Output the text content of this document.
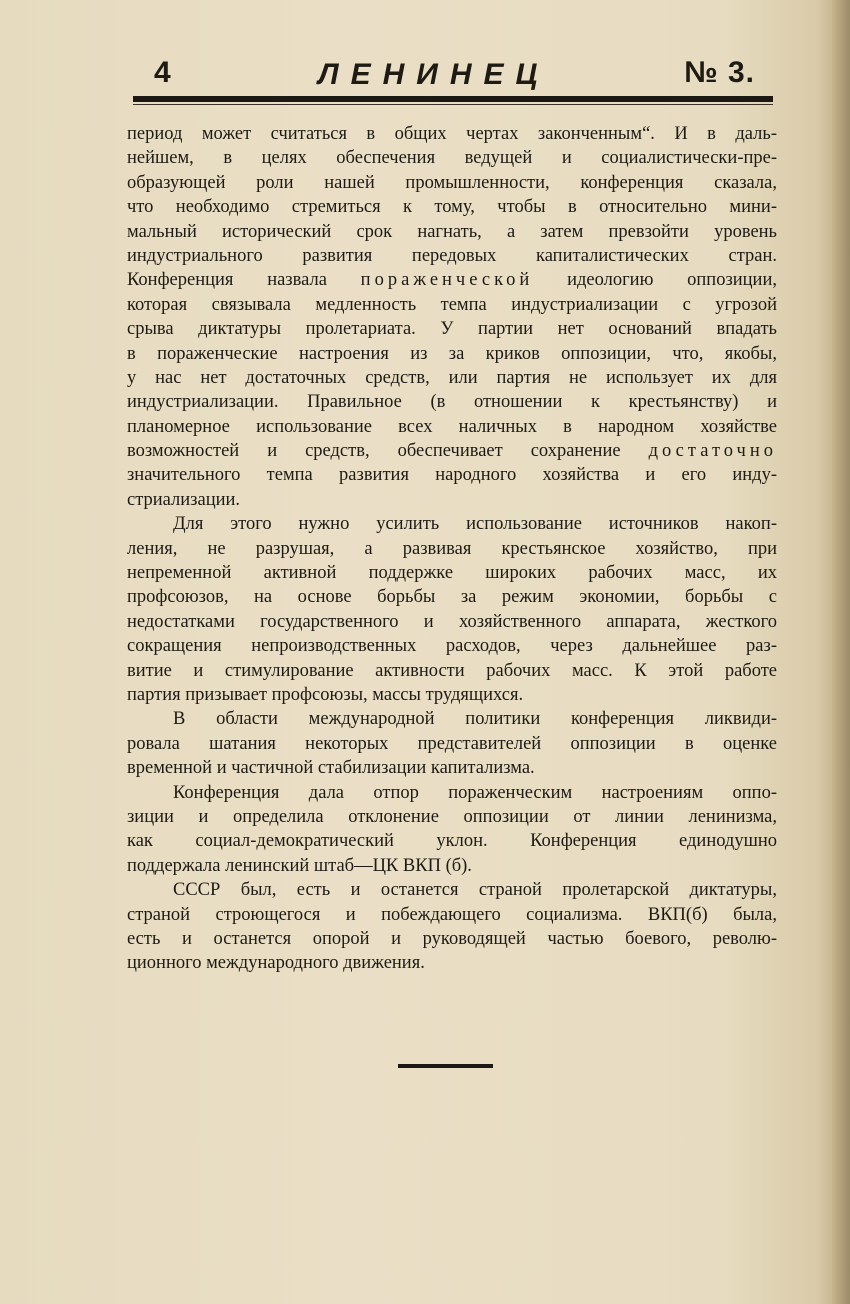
4	ЛЕНИНЕЦ	№ 3.

период может считаться в общих чертах законченным“. И в даль-
нейшем, в целях обеспечения ведущей и социалистически-пре-
образующей роли нашей промышленности, конференция сказала,
что необходимо стремиться к тому, чтобы в относительно мини-
мальный исторический срок нагнать, а затем превзойти уровень
индустриального развития передовых капиталистических стран.

Конференция назвала пораженческой идеологию оппозиции,
которая связывала медленность темпа индустриализации с угрозой
срыва диктатуры пролетариата. У партии нет оснований впадать
в пораженческие настроения из за криков оппозиции, что, якобы,
у нас нет достаточных средств, или партия не использует их для
индустриализации. Правильное (в отношении к крестьянству) и
планомерное использование всех наличных в народном хозяйстве
возможностей и средств, обеспечивает сохранение достаточно
значительного темпа развития народного хозяйства и его инду-
стриализации.

Для этого нужно усилить использование источников накоп-
ления, не разрушая, а развивая крестьянское хозяйство, при
непременной активной поддержке широких рабочих масс, их
профсоюзов, на основе борьбы за режим экономии, борьбы с
недостатками государственного и хозяйственного аппарата, жесткого
сокращения непроизводственных расходов, через дальнейшее раз-
витие и стимулирование активности рабочих масс. К этой работе
партия призывает профсоюзы, массы трудящихся.

В области международной политики конференция ликвиди-
ровала шатания некоторых представителей оппозиции в оценке
временной и частичной стабилизации капитализма.

Конференция дала отпор пораженческим настроениям оппо-
зиции и определила отклонение оппозиции от линии ленинизма,
как социал-демократический уклон. Конференция единодушно
поддержала ленинский штаб—ЦК ВКП (б).

СССР был, есть и останется страной пролетарской диктатуры,
страной строющегося и побеждающего социализма. ВКП(б) была,
есть и останется опорой и руководящей частью боевого, револю-
ционного международного движения.
